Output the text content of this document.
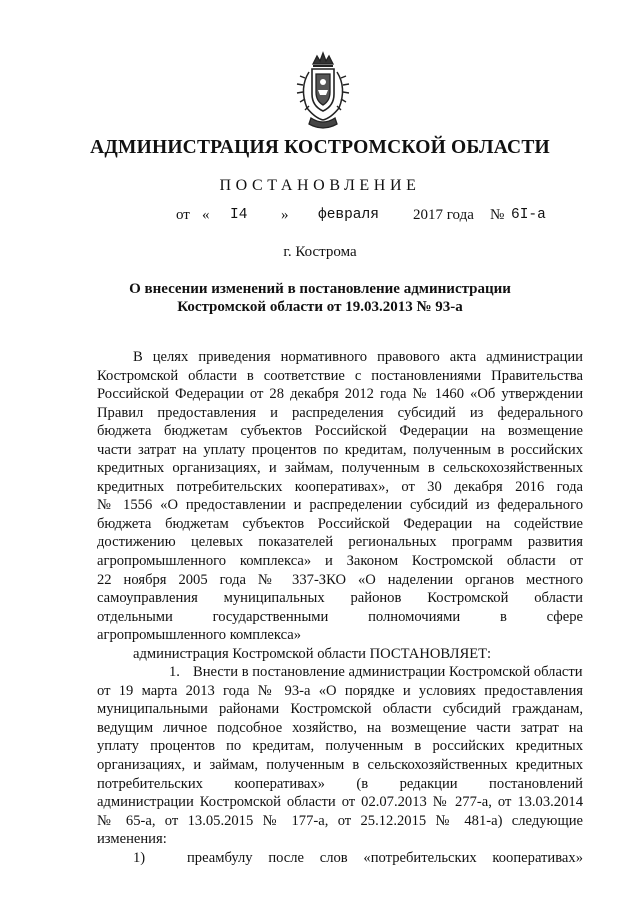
АДМИНИСТРАЦИЯ КОСТРОМСКОЙ ОБЛАСТИ
ПОСТАНОВЛЕНИЕ
от « I4 » февраля 2017 года № 6I-а
г. Кострома
О внесении изменений в постановление администрации
Костромской области от 19.03.2013 № 93-а
В целях приведения нормативного правового акта администрации
Костромской области в соответствие с постановлениями Правительства
Российской Федерации от 28 декабря 2012 года № 1460 «Об утверждении
Правил предоставления и распределения субсидий из федерального
бюджета бюджетам субъектов Российской Федерации на возмещение
части затрат на уплату процентов по кредитам, полученным в российских
кредитных организациях, и займам, полученным в сельскохозяйственных
кредитных потребительских кооперативах», от 30 декабря 2016 года
№ 1556 «О предоставлении и распределении субсидий из федерального
бюджета бюджетам субъектов Российской Федерации на содействие
достижению целевых показателей региональных программ развития
агропромышленного комплекса» и Законом Костромской области от
22 ноября 2005 года № 337-ЗКО «О наделении органов местного
самоуправления муниципальных районов Костромской области
отдельными государственными полномочиями в сфере
агропромышленного комплекса»
администрация Костромской области ПОСТАНОВЛЯЕТ:
1. Внести в постановление администрации Костромской области
от 19 марта 2013 года № 93-а «О порядке и условиях предоставления
муниципальными районами Костромской области субсидий гражданам,
ведущим личное подсобное хозяйство, на возмещение части затрат на
уплату процентов по кредитам, полученным в российских кредитных
организациях, и займам, полученным в сельскохозяйственных кредитных
потребительских кооперативах» (в редакции постановлений
администрации Костромской области от 02.07.2013 № 277-а, от 13.03.2014
№ 65-а, от 13.05.2015 № 177-а, от 25.12.2015 № 481-а) следующие
изменения:
1)	преамбулу после слов «потребительских кооперативах»
